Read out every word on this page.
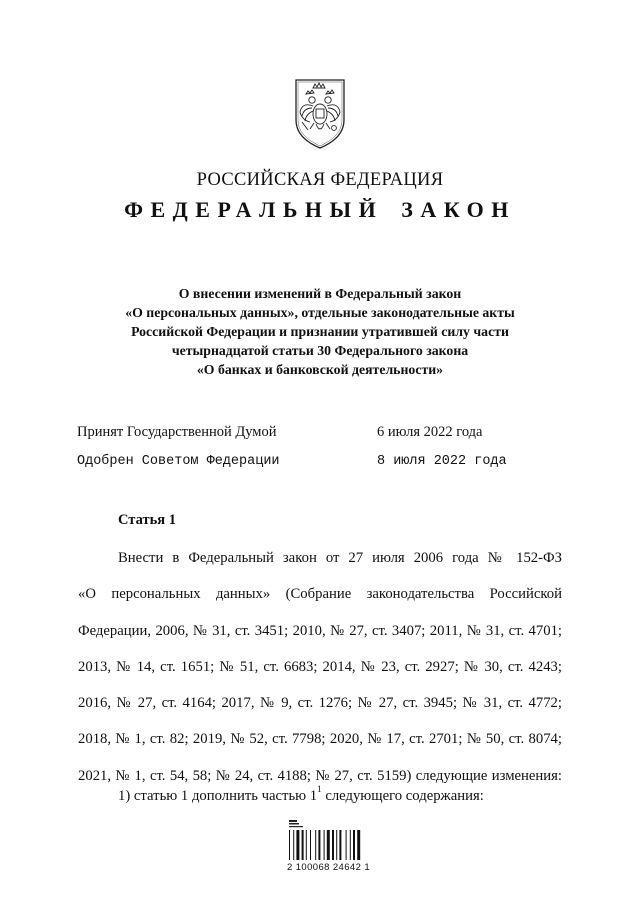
РОССИЙСКАЯ ФЕДЕРАЦИЯ
ФЕДЕРАЛЬНЫЙ ЗАКОН
О внесении изменений в Федеральный закон
«О персональных данных», отдельные законодательные акты
Российской Федерации и признании утратившей силу части
четырнадцатой статьи 30 Федерального закона
«О банках и банковской деятельности»
Принят Государственной Думой	6 июля 2022 года
Одобрен Советом Федерации	8 июля 2022 года
Статья 1
Внести в Федеральный закон от 27 июля 2006 года № 152-ФЗ
«О персональных данных» (Собрание законодательства Российской
Федерации, 2006, № 31, ст. 3451; 2010, № 27, ст. 3407; 2011, № 31, ст. 4701;
2013, № 14, ст. 1651; № 51, ст. 6683; 2014, № 23, ст. 2927; № 30, ст. 4243;
2016, № 27, ст. 4164; 2017, № 9, ст. 1276; № 27, ст. 3945; № 31, ст. 4772;
2018, № 1, ст. 82; 2019, № 52, ст. 7798; 2020, № 17, ст. 2701; № 50, ст. 8074;
2021, № 1, ст. 54, 58; № 24, ст. 4188; № 27, ст. 5159) следующие изменения:
1) статью 1 дополнить частью $1^1$ следующего содержания:
2 100068 24642 1
